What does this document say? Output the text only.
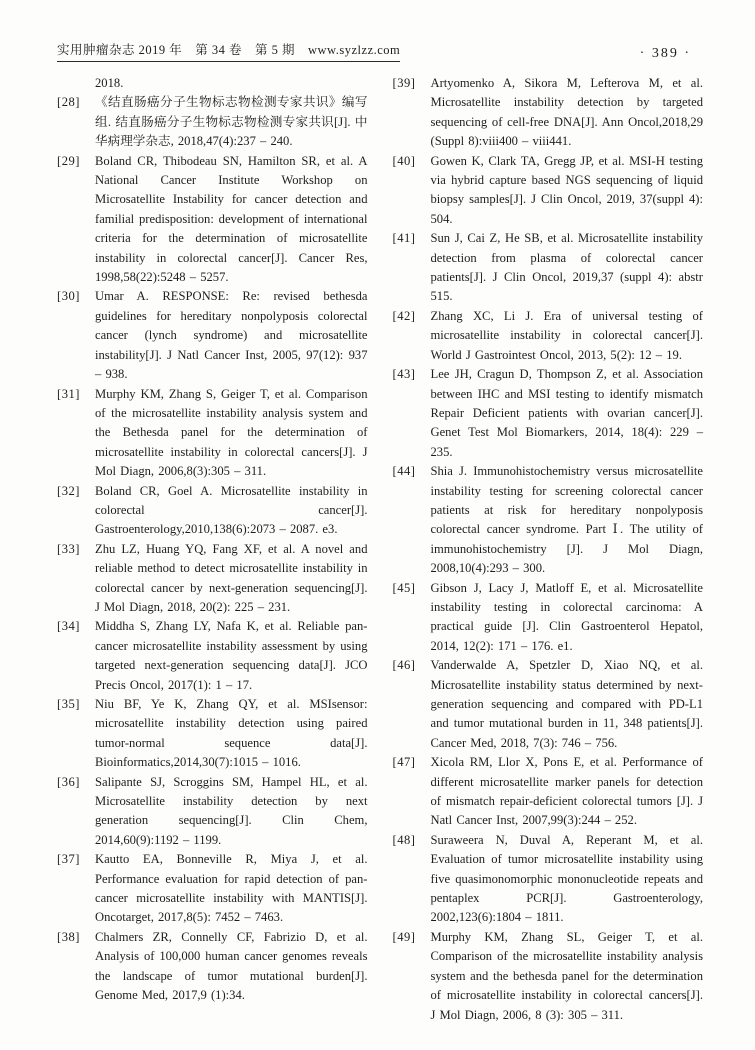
实用肿瘤杂志 2019 年　第 34 卷　第 5 期　www.syzlzz.com	· 389 ·
2018.
[28]	《结直肠癌分子生物标志物检测专家共识》编写组. 结直肠癌分子生物标志物检测专家共识[J]. 中华病理学杂志, 2018,47(4):237 – 240.
[29]	Boland CR, Thibodeau SN, Hamilton SR, et al. A National Cancer Institute Workshop on Microsatellite Instability for cancer detection and familial predisposition: development of international criteria for the determination of microsatellite instability in colorectal cancer[J]. Cancer Res, 1998,58(22):5248 – 5257.
[30]	Umar A. RESPONSE: Re: revised bethesda guidelines for hereditary nonpolyposis colorectal cancer (lynch syndrome) and microsatellite instability[J]. J Natl Cancer Inst, 2005, 97(12): 937 – 938.
[31]	Murphy KM, Zhang S, Geiger T, et al. Comparison of the microsatellite instability analysis system and the Bethesda panel for the determination of microsatellite instability in colorectal cancers[J]. J Mol Diagn, 2006,8(3):305 – 311.
[32]	Boland CR, Goel A. Microsatellite instability in colorectal cancer[J]. Gastroenterology,2010,138(6):2073 – 2087. e3.
[33]	Zhu LZ, Huang YQ, Fang XF, et al. A novel and reliable method to detect microsatellite instability in colorectal cancer by next-generation sequencing[J]. J Mol Diagn, 2018, 20(2): 225 – 231.
[34]	Middha S, Zhang LY, Nafa K, et al. Reliable pan-cancer microsatellite instability assessment by using targeted next-generation sequencing data[J]. JCO Precis Oncol, 2017(1): 1 – 17.
[35]	Niu BF, Ye K, Zhang QY, et al. MSIsensor: microsatellite instability detection using paired tumor-normal sequence data[J]. Bioinformatics,2014,30(7):1015 – 1016.
[36]	Salipante SJ, Scroggins SM, Hampel HL, et al. Microsatellite instability detection by next generation sequencing[J]. Clin Chem, 2014,60(9):1192 – 1199.
[37]	Kautto EA, Bonneville R, Miya J, et al. Performance evaluation for rapid detection of pan-cancer microsatellite instability with MANTIS[J]. Oncotarget, 2017,8(5): 7452 – 7463.
[38]	Chalmers ZR, Connelly CF, Fabrizio D, et al. Analysis of 100,000 human cancer genomes reveals the landscape of tumor mutational burden[J]. Genome Med, 2017,9 (1):34.
[39]	Artyomenko A, Sikora M, Lefterova M, et al. Microsatellite instability detection by targeted sequencing of cell-free DNA[J]. Ann Oncol,2018,29 (Suppl 8):viii400 – viii441.
[40]	Gowen K, Clark TA, Gregg JP, et al. MSI-H testing via hybrid capture based NGS sequencing of liquid biopsy samples[J]. J Clin Oncol, 2019, 37(suppl 4): 504.
[41]	Sun J, Cai Z, He SB, et al. Microsatellite instability detection from plasma of colorectal cancer patients[J]. J Clin Oncol, 2019,37 (suppl 4): abstr 515.
[42]	Zhang XC, Li J. Era of universal testing of microsatellite instability in colorectal cancer[J]. World J Gastrointest Oncol, 2013, 5(2): 12 – 19.
[43]	Lee JH, Cragun D, Thompson Z, et al. Association between IHC and MSI testing to identify mismatch Repair Deficient patients with ovarian cancer[J]. Genet Test Mol Biomarkers, 2014, 18(4): 229 – 235.
[44]	Shia J. Immunohistochemistry versus microsatellite instability testing for screening colorectal cancer patients at risk for hereditary nonpolyposis colorectal cancer syndrome. Part Ⅰ. The utility of immunohistochemistry [J]. J Mol Diagn, 2008,10(4):293 – 300.
[45]	Gibson J, Lacy J, Matloff E, et al. Microsatellite instability testing in colorectal carcinoma: A practical guide [J]. Clin Gastroenterol Hepatol, 2014, 12(2): 171 – 176. e1.
[46]	Vanderwalde A, Spetzler D, Xiao NQ, et al. Microsatellite instability status determined by next-generation sequencing and compared with PD-L1 and tumor mutational burden in 11, 348 patients[J]. Cancer Med, 2018, 7(3): 746 – 756.
[47]	Xicola RM, Llor X, Pons E, et al. Performance of different microsatellite marker panels for detection of mismatch repair-deficient colorectal tumors [J]. J Natl Cancer Inst, 2007,99(3):244 – 252.
[48]	Suraweera N, Duval A, Reperant M, et al. Evaluation of tumor microsatellite instability using five quasimonomorphic mononucleotide repeats and pentaplex PCR[J]. Gastroenterology, 2002,123(6):1804 – 1811.
[49]	Murphy KM, Zhang SL, Geiger T, et al. Comparison of the microsatellite instability analysis system and the bethesda panel for the determination of microsatellite instability in colorectal cancers[J]. J Mol Diagn, 2006, 8 (3): 305 – 311.
